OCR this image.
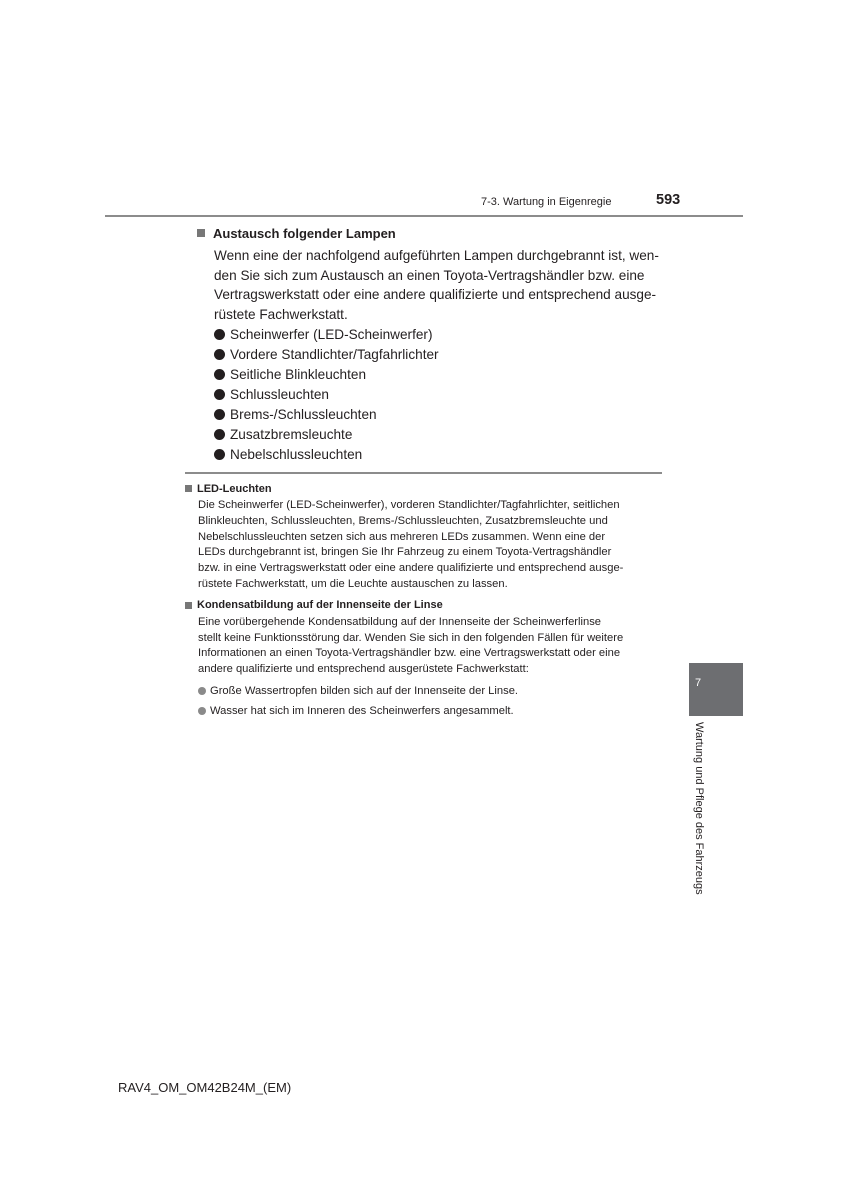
7-3. Wartung in Eigenregie	593
Austausch folgender Lampen
Wenn eine der nachfolgend aufgeführten Lampen durchgebrannt ist, wen-
den Sie sich zum Austausch an einen Toyota-Vertragshändler bzw. eine
Vertragswerkstatt oder eine andere qualifizierte und entsprechend ausge-
rüstete Fachwerkstatt.
Scheinwerfer (LED-Scheinwerfer)
Vordere Standlichter/Tagfahrlichter
Seitliche Blinkleuchten
Schlussleuchten
Brems-/Schlussleuchten
Zusatzbremsleuchte
Nebelschlussleuchten
LED-Leuchten
Die Scheinwerfer (LED-Scheinwerfer), vorderen Standlichter/Tagfahrlichter, seitlichen
Blinkleuchten, Schlussleuchten, Brems-/Schlussleuchten, Zusatzbremsleuchte und
Nebelschlussleuchten setzen sich aus mehreren LEDs zusammen. Wenn eine der
LEDs durchgebrannt ist, bringen Sie Ihr Fahrzeug zu einem Toyota-Vertragshändler
bzw. in eine Vertragswerkstatt oder eine andere qualifizierte und entsprechend ausge-
rüstete Fachwerkstatt, um die Leuchte austauschen zu lassen.
Kondensatbildung auf der Innenseite der Linse
Eine vorübergehende Kondensatbildung auf der Innenseite der Scheinwerferlinse
stellt keine Funktionsstörung dar. Wenden Sie sich in den folgenden Fällen für weitere
Informationen an einen Toyota-Vertragshändler bzw. eine Vertragswerkstatt oder eine
andere qualifizierte und entsprechend ausgerüstete Fachwerkstatt:
Große Wassertropfen bilden sich auf der Innenseite der Linse.
Wasser hat sich im Inneren des Scheinwerfers angesammelt.
7
Wartung und Pflege des Fahrzeugs
RAV4_OM_OM42B24M_(EM)
